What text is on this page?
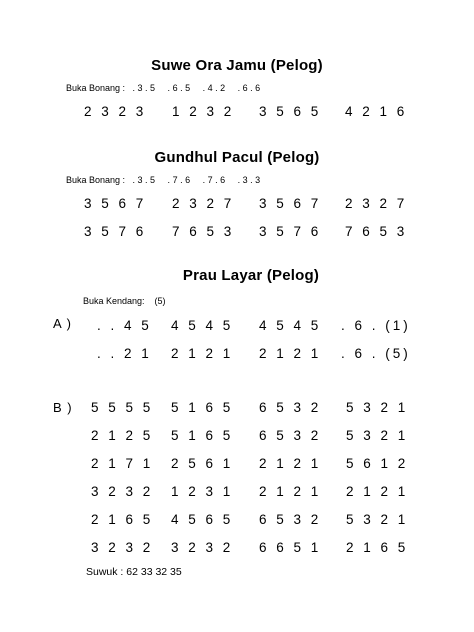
Suwe Ora Jamu (Pelog)
Buka Bonang :   . 3 . 5     . 6 . 5     . 4 . 2     . 6 . 6

2 3 2 3

1 2 3 2

3 5 6 5

4 2 1 6

Gundhul Pacul (Pelog)
Buka Bonang :   . 3 . 5     . 7 . 6     . 7 . 6     . 3 . 3

3 5 6 7

2 3 2 7

3 5 6 7

2 3 2 7

3 5 7 6

7 6 5 3

3 5 7 6

7 6 5 3

Prau Layar (Pelog)
Buka Kendang:    (5)
A )

. . 4 5

4 5 4 5

4 5 4 5

. 6 . (1)

. . 2 1

2 1 2 1

2 1 2 1

. 6 . (5)

B )

5 5 5 5

5 1 6 5

6 5 3 2

5 3 2 1

2 1 2 5

5 1 6 5

6 5 3 2

5 3 2 1

2 1 7 1

2 5 6 1

2 1 2 1

5 6 1 2

3 2 3 2

1 2 3 1

2 1 2 1

2 1 2 1

2 1 6 5

4 5 6 5

6 5 3 2

5 3 2 1

3 2 3 2

3 2 3 2

6 6 5 1

2 1 6 5

Suwuk : 62 33 32 35
